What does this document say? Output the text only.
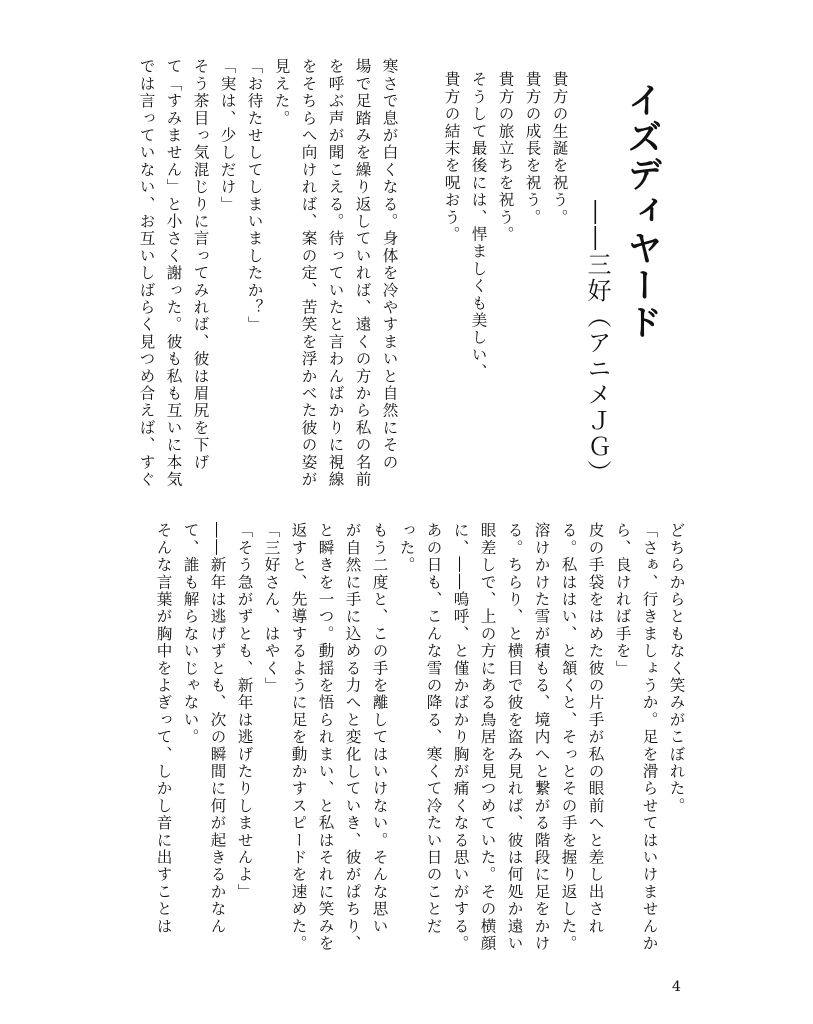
イズディヤード
――三好（アニメＪＧ）

貴方の生誕を祝う。

貴方の成長を祝う。

貴方の旅立ちを祝う。

そうして最後には、悍ましくも美しい、

貴方の結末を呪おう。

寒さで息が白くなる。身体を冷やすまいと自然にその

場で足踏みを繰り返していれば、遠くの方から私の名前

を呼ぶ声が聞こえる。待っていたと言わんばかりに視線

をそちらへ向ければ、案の定、苦笑を浮かべた彼の姿が

見えた。

「お待たせしてしまいましたか？」

「実は、少しだけ」

そう茶目っ気混じりに言ってみれば、彼は眉尻を下げ

て「すみません」と小さく謝った。彼も私も互いに本気

では言っていない、お互いしばらく見つめ合えば、すぐ

どちらからともなく笑みがこぼれた。

「さぁ、行きましょうか。足を滑らせてはいけませんか

ら、良ければ手を」

皮の手袋をはめた彼の片手が私の眼前へと差し出され

る。私ははい、と頷くと、そっとその手を握り返した。

溶けかけた雪が積もる、境内へと繋がる階段に足をかけ

る。ちらり、と横目で彼を盗み見れば、彼は何処か遠い

眼差しで、上の方にある鳥居を見つめていた。その横顔

に、――嗚呼、と僅かばかり胸が痛くなる思いがする。

あの日も、こんな雪の降る、寒くて冷たい日のことだ

った。

もう二度と、この手を離してはいけない。そんな思い

が自然に手に込める力へと変化していき、彼がぱちり、

と瞬きを一つ。動揺を悟られまい、と私はそれに笑みを

返すと、先導するように足を動かすスピードを速めた。

「三好さん、はやく」

「そう急がずとも、新年は逃げたりしませんよ」

――新年は逃げずとも、次の瞬間に何が起きるかなん

て、誰も解らないじゃない。

そんな言葉が胸中をよぎって、しかし音に出すことは

4
